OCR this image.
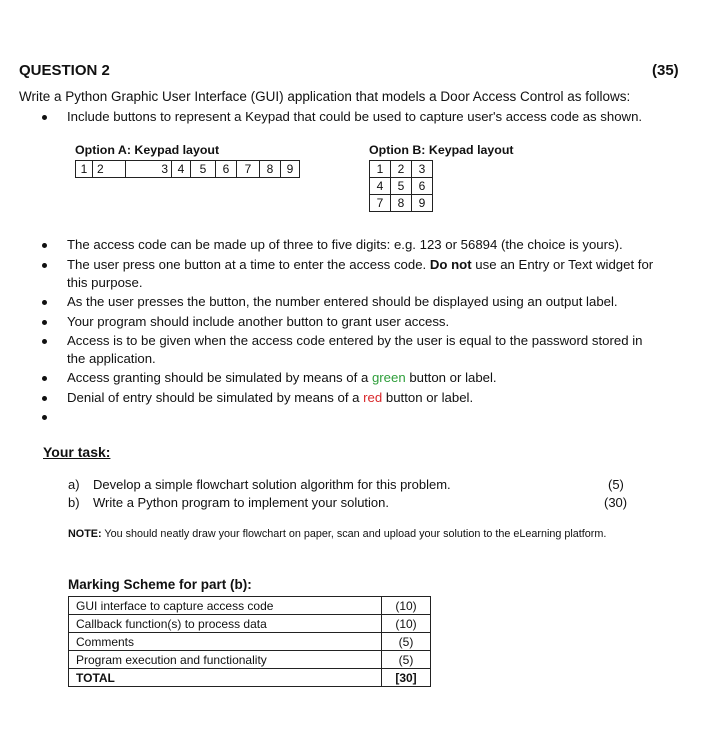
QUESTION 2	(35)
Write a Python Graphic User Interface (GUI) application that models a Door Access Control as follows:
Include buttons to represent a Keypad that could be used to capture user's access code as shown.
Option A: Keypad layout
1	2		3	4	5	6	7	8	9
Option B: Keypad layout
1	2	3
4	5	6
7	8	9
The access code can be made up of three to five digits: e.g. 123 or 56894 (the choice is yours).
The user press one button at a time to enter the access code. Do not use an Entry or Text widget for
this purpose.
As the user presses the button, the number entered should be displayed using an output label.
Your program should include another button to grant user access.
Access is to be given when the access code entered by the user is equal to the password stored in
the application.
Access granting should be simulated by means of a green button or label.
Denial of entry should be simulated by means of a red button or label.
Your task:
a) Develop a simple flowchart solution algorithm for this problem.	(5)
b) Write a Python program to implement your solution.	(30)
NOTE: You should neatly draw your flowchart on paper, scan and upload your solution to the eLearning platform.
Marking Scheme for part (b):
GUI interface to capture access code	(10)
Callback function(s) to process data	(10)
Comments	(5)
Program execution and functionality	(5)
TOTAL	[30]
